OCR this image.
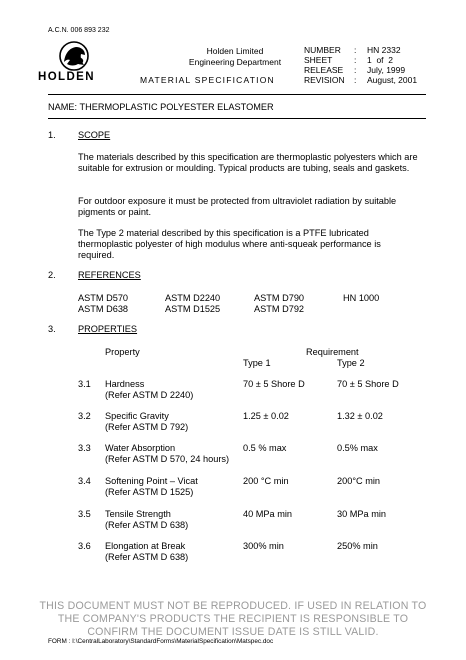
A.C.N. 006 893 232
HOLDEN
Holden Limited
Engineering Department
MATERIAL SPECIFICATION
NUMBER : HN 2332
SHEET	: 1  of  2
RELEASE : July, 1999
REVISION : August, 2001
NAME: THERMOPLASTIC POLYESTER ELASTOMER
1. SCOPE
The materials described by this specification are thermoplastic polyesters which are suitable for extrusion or moulding. Typical products are tubing, seals and gaskets.
For outdoor exposure it must be protected from ultraviolet radiation by suitable pigments or paint.
The Type 2 material described by this specification is a PTFE lubricated thermoplastic polyester of high modulus where anti-squeak performance is required.
2. REFERENCES
ASTM D570	ASTM D2240	ASTM D790	HN 1000
ASTM D638	ASTM D1525	ASTM D792
3. PROPERTIES
Property	Requirement
Type 1	Type 2
3.1 Hardness
(Refer ASTM D 2240)
70 ± 5 Shore D	70 ± 5 Shore D
3.2 Specific Gravity
(Refer ASTM D 792)
1.25 ± 0.02	1.32 ± 0.02
3.3 Water Absorption
(Refer ASTM D 570, 24 hours)
0.5 % max	0.5% max
3.4 Softening Point – Vicat
(Refer ASTM D 1525)
200 °C min	200°C min
3.5 Tensile Strength
(Refer ASTM D 638)
40 MPa min	30 MPa min
3.6 Elongation at Break
(Refer ASTM D 638)
300% min	250% min
THIS DOCUMENT MUST NOT BE REPRODUCED. IF USED IN RELATION TO
THE COMPANY'S PRODUCTS THE RECIPIENT IS RESPONSIBLE TO
CONFIRM THE DOCUMENT ISSUE DATE IS STILL VALID.
FORM : I:\CentralLaboratory\StandardForms\MaterialSpecification\Matspec.doc
